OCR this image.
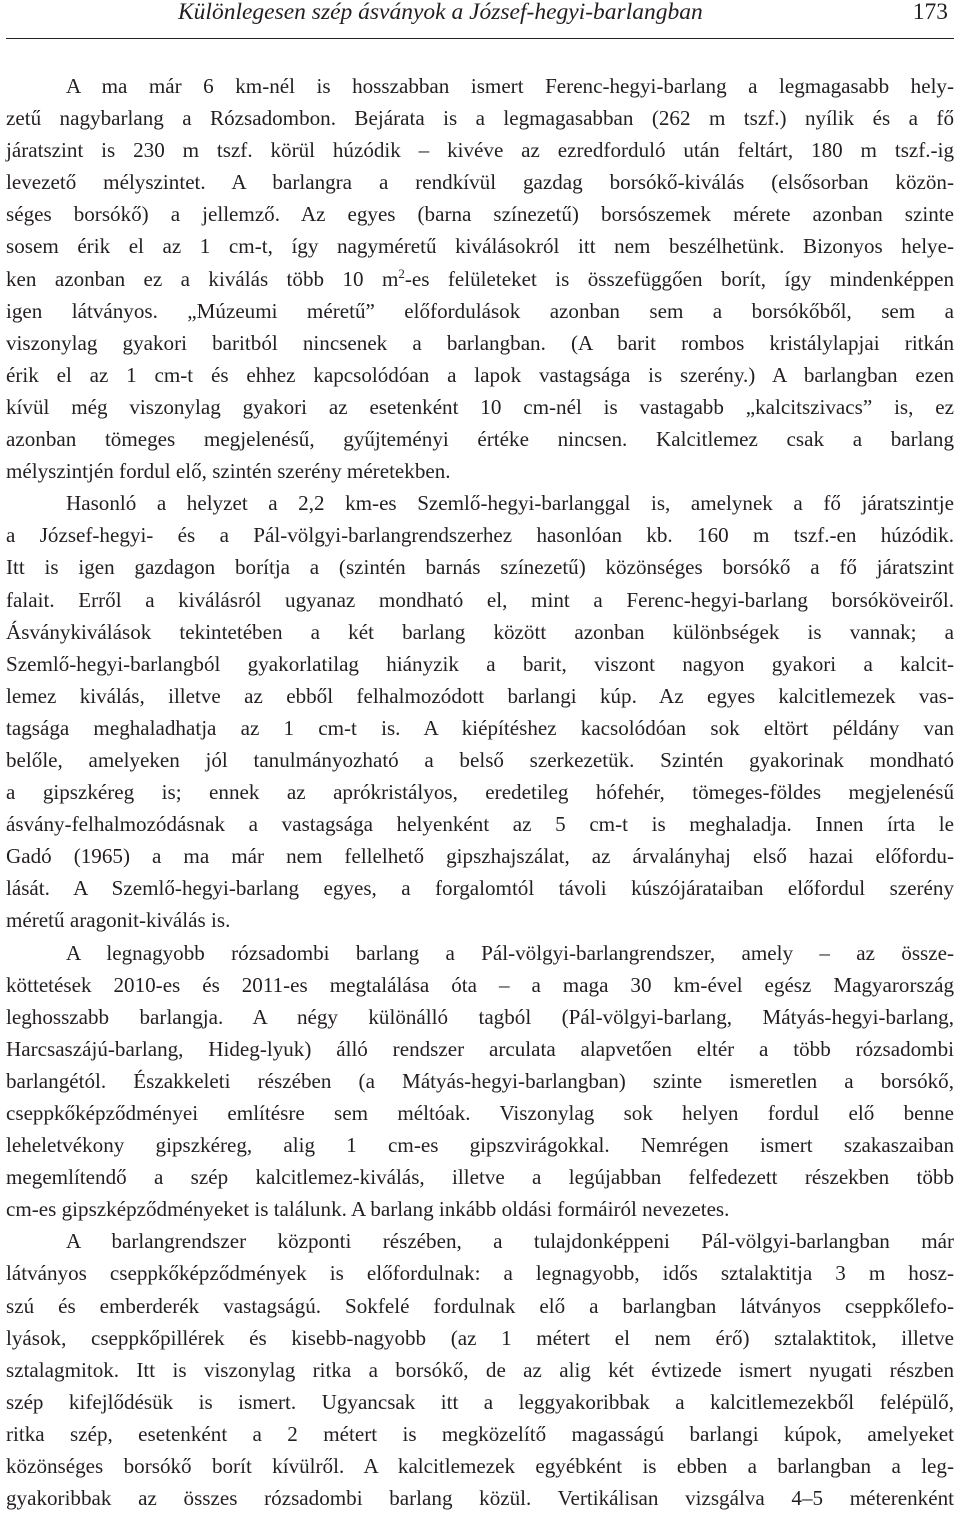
Különlegesen szép ásványok a József-hegyi-barlangban	173
A ma már 6 km-nél is hosszabban ismert Ferenc-hegyi-barlang a legmagasabb hely-
zetű nagybarlang a Rózsadombon. Bejárata is a legmagasabban (262 m tszf.) nyílik és a fő
járatszint is 230 m tszf. körül húzódik – kivéve az ezredforduló után feltárt, 180 m tszf.-ig
levezető mélyszintet. A barlangra a rendkívül gazdag borsókő-kiválás (elsősorban közön-
séges borsókő) a jellemző. Az egyes (barna színezetű) borsószemek mérete azonban szinte
sosem érik el az 1 cm-t, így nagyméretű kiválásokról itt nem beszélhetünk. Bizonyos helye-
ken azonban ez a kiválás több 10 $m^2-es$ felületeket is összefüggően borít, így mindenképpen
igen látványos. „Múzeumi méretű” előfordulások azonban sem a borsókőből, sem a
viszonylag gyakori baritból nincsenek a barlangban. (A barit rombos kristálylapjai ritkán
érik el az 1 cm-t és ehhez kapcsolódóan a lapok vastagsága is szerény.) A barlangban ezen
kívül még viszonylag gyakori az esetenként 10 cm-nél is vastagabb „kalcitszivacs” is, ez
azonban tömeges megjelenésű, gyűjteményi értéke nincsen. Kalcitlemez csak a barlang
mélyszintjén fordul elő, szintén szerény méretekben.
Hasonló a helyzet a 2,2 km-es Szemlő-hegyi-barlanggal is, amelynek a fő járatszintje
a József-hegyi- és a Pál-völgyi-barlangrendszerhez hasonlóan kb. 160 m tszf.-en húzódik.
Itt is igen gazdagon borítja a (szintén barnás színezetű) közönséges borsókő a fő járatszint
falait. Erről a kiválásról ugyanaz mondható el, mint a Ferenc-hegyi-barlang borsóköveiről.
Ásványkiválások tekintetében a két barlang között azonban különbségek is vannak; a
Szemlő-hegyi-barlangból gyakorlatilag hiányzik a barit, viszont nagyon gyakori a kalcit-
lemez kiválás, illetve az ebből felhalmozódott barlangi kúp. Az egyes kalcitlemezek vas-
tagsága meghaladhatja az 1 cm-t is. A kiépítéshez kacsolódóan sok eltört példány van
belőle, amelyeken jól tanulmányozható a belső szerkezetük. Szintén gyakorinak mondható
a gipszkéreg is; ennek az aprókristályos, eredetileg hófehér, tömeges-földes megjelenésű
ásvány-felhalmozódásnak a vastagsága helyenként az 5 cm-t is meghaladja. Innen írta le
Gadó (1965) a ma már nem fellelhető gipszhajszálat, az árvalányhaj első hazai előfordu-
lását. A Szemlő-hegyi-barlang egyes, a forgalomtól távoli kúszójárataiban előfordul szerény
méretű aragonit-kiválás is.
A legnagyobb rózsadombi barlang a Pál-völgyi-barlangrendszer, amely – az össze-
köttetések 2010-es és 2011-es megtalálása óta – a maga 30 km-ével egész Magyarország
leghosszabb barlangja. A négy különálló tagból (Pál-völgyi-barlang, Mátyás-hegyi-barlang,
Harcsaszájú-barlang, Hideg-lyuk) álló rendszer arculata alapvetően eltér a több rózsadombi
barlangétól. Északkeleti részében (a Mátyás-hegyi-barlangban) szinte ismeretlen a borsókő,
cseppkőképződményei említésre sem méltóak. Viszonylag sok helyen fordul elő benne
leheletvékony gipszkéreg, alig 1 cm-es gipszvirágokkal. Nemrégen ismert szakaszaiban
megemlítendő a szép kalcitlemez-kiválás, illetve a legújabban felfedezett részekben több
cm-es gipszképződményeket is találunk. A barlang inkább oldási formáiról nevezetes.
A barlangrendszer központi részében, a tulajdonképpeni Pál-völgyi-barlangban már
látványos cseppkőképződmények is előfordulnak: a legnagyobb, idős sztalaktitja 3 m hosz-
szú és emberderék vastagságú. Sokfelé fordulnak elő a barlangban látványos cseppkőlefo-
lyások, cseppkőpillérek és kisebb-nagyobb (az 1 métert el nem érő) sztalaktitok, illetve
sztalagmitok. Itt is viszonylag ritka a borsókő, de az alig két évtizede ismert nyugati részben
szép kifejlődésük is ismert. Ugyancsak itt a leggyakoribbak a kalcitlemezekből felépülő,
ritka szép, esetenként a 2 métert is megközelítő magasságú barlangi kúpok, amelyeket
közönséges borsókő borít kívülről. A kalcitlemezek egyébként is ebben a barlangban a leg-
gyakoribbak az összes rózsadombi barlang közül. Vertikálisan vizsgálva 4–5 méterenként
